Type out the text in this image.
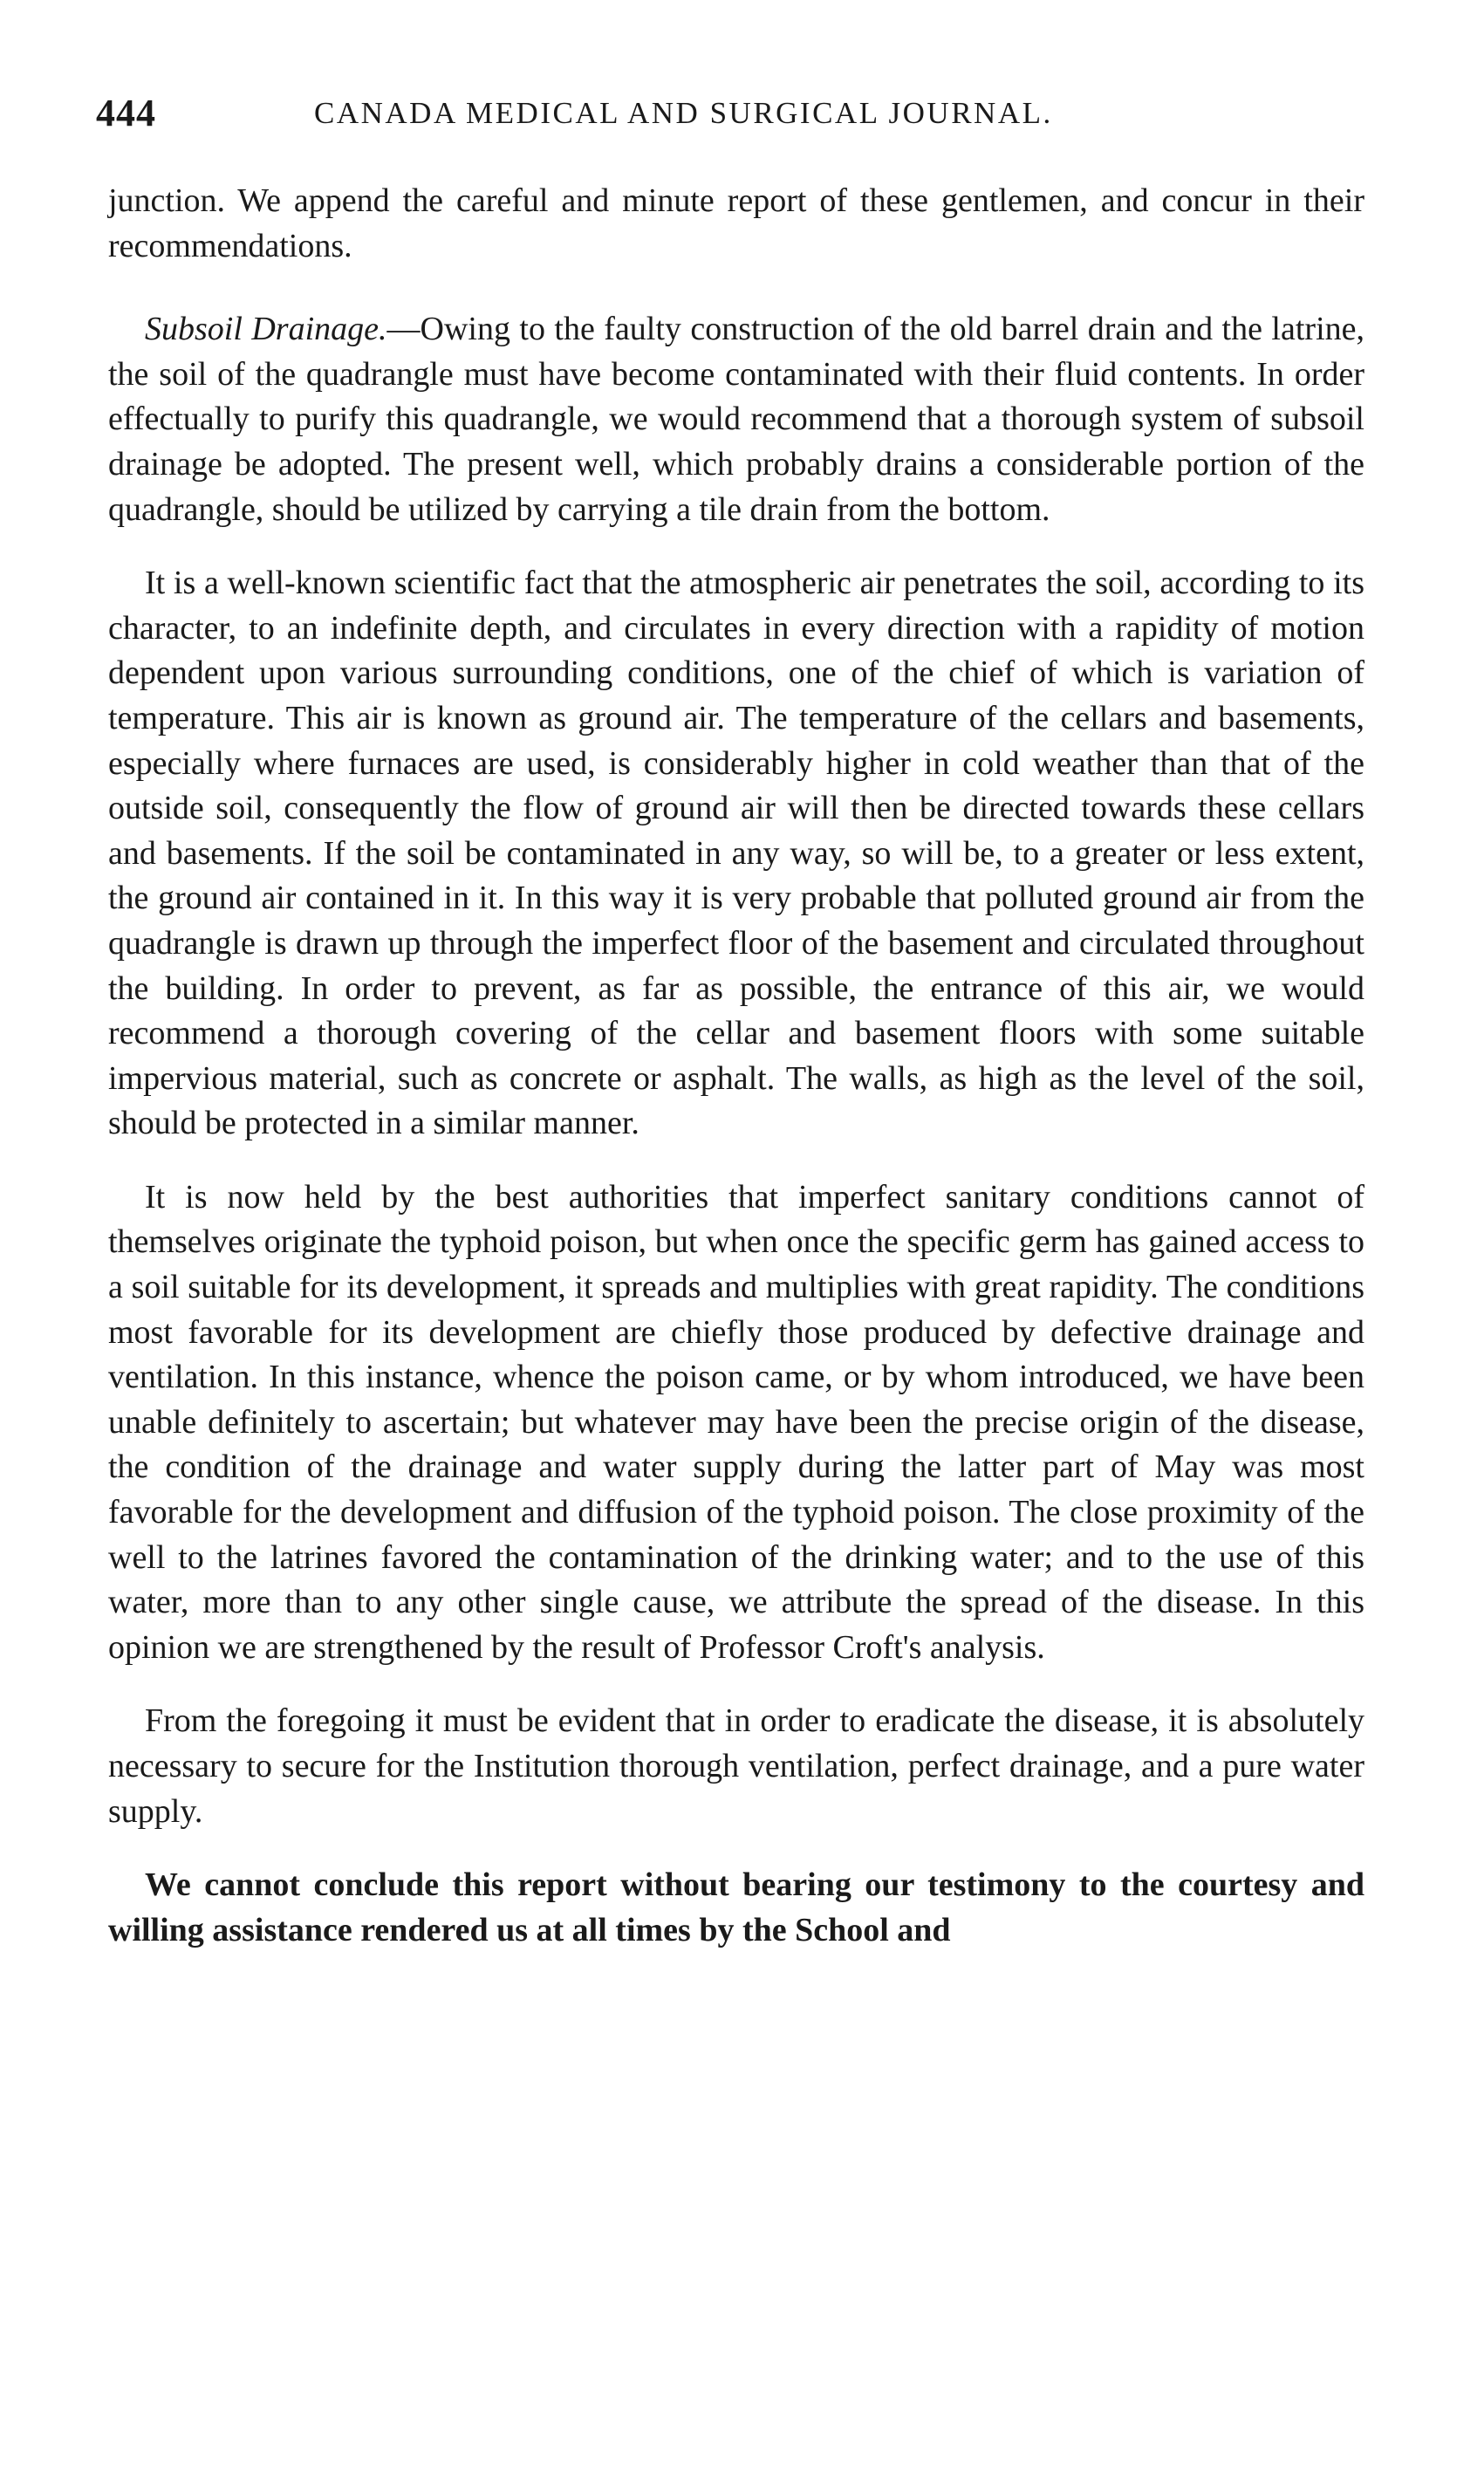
444	CANADA MEDICAL AND SURGICAL JOURNAL.

junction. We append the careful and minute report of these gentlemen, and concur in their recommendations.

Subsoil Drainage.—Owing to the faulty construction of the old barrel drain and the latrine, the soil of the quadrangle must have become contaminated with their fluid contents. In order effectually to purify this quadrangle, we would recommend that a thorough system of subsoil drainage be adopted. The present well, which probably drains a considerable portion of the quadrangle, should be utilized by carrying a tile drain from the bottom.

It is a well-known scientific fact that the atmospheric air penetrates the soil, according to its character, to an indefinite depth, and circulates in every direction with a rapidity of motion dependent upon various surrounding conditions, one of the chief of which is variation of temperature. This air is known as ground air. The temperature of the cellars and basements, especially where furnaces are used, is considerably higher in cold weather than that of the outside soil, consequently the flow of ground air will then be directed towards these cellars and basements. If the soil be contaminated in any way, so will be, to a greater or less extent, the ground air contained in it. In this way it is very probable that polluted ground air from the quadrangle is drawn up through the imperfect floor of the basement and circulated throughout the building. In order to prevent, as far as possible, the entrance of this air, we would recommend a thorough covering of the cellar and basement floors with some suitable impervious material, such as concrete or asphalt. The walls, as high as the level of the soil, should be protected in a similar manner.

It is now held by the best authorities that imperfect sanitary conditions cannot of themselves originate the typhoid poison, but when once the specific germ has gained access to a soil suitable for its development, it spreads and multiplies with great rapidity. The conditions most favorable for its development are chiefly those produced by defective drainage and ventilation. In this instance, whence the poison came, or by whom introduced, we have been unable definitely to ascertain; but whatever may have been the precise origin of the disease, the condition of the drainage and water supply during the latter part of May was most favorable for the development and diffusion of the typhoid poison. The close proximity of the well to the latrines favored the contamination of the drinking water; and to the use of this water, more than to any other single cause, we attribute the spread of the disease. In this opinion we are strengthened by the result of Professor Croft's analysis.

From the foregoing it must be evident that in order to eradicate the disease, it is absolutely necessary to secure for the Institution thorough ventilation, perfect drainage, and a pure water supply.

We cannot conclude this report without bearing our testimony to the courtesy and willing assistance rendered us at all times by the School and
